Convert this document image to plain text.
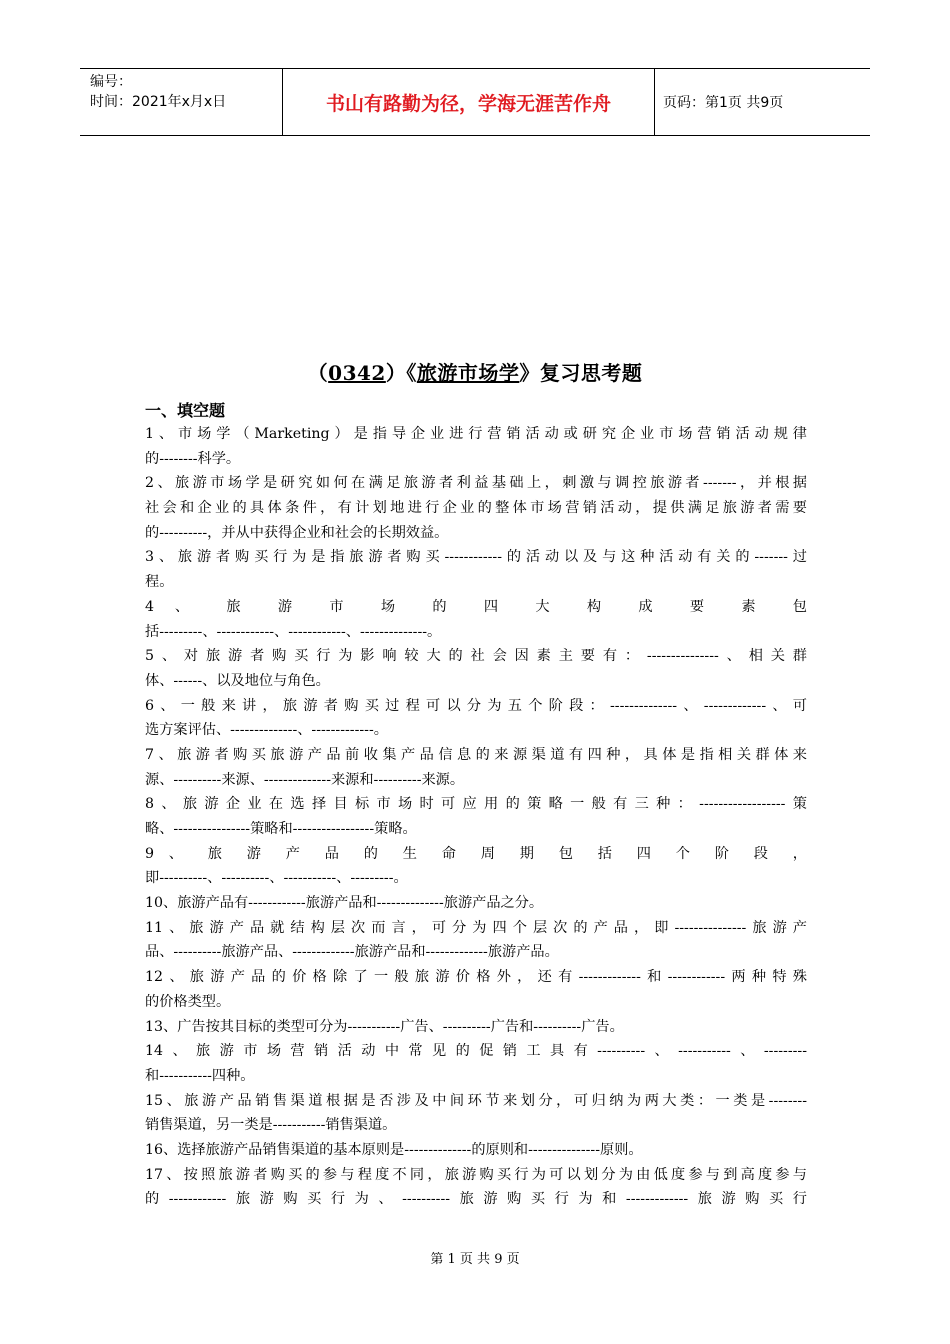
编号：
时间：2021年x月x日	书山有路勤为径，学海无涯苦作舟	页码：第1页 共9页
（0342）《旅游市场学》复习思考题
一、填空题
1、市场学（Marketing）是指导企业进行营销活动或研究企业市场营销活动规律
的--------科学。
2、旅游市场学是研究如何在满足旅游者利益基础上，刺激与调控旅游者-------，并根据
社会和企业的具体条件，有计划地进行企业的整体市场营销活动，提供满足旅游者需要
的----------，并从中获得企业和社会的长期效益。
3、旅游者购买行为是指旅游者购买------------的活动以及与这种活动有关的-------过
程。
4 、 旅 游 市 场 的 四 大 构 成 要 素 包
括---------、------------、------------、--------------。
5、对旅游者购买行为影响较大的社会因素主要有：---------------、相关群
体、------、以及地位与角色。
6、一般来讲，旅游者购买过程可以分为五个阶段：--------------、-------------、可
选方案评估、--------------、-------------。
7、旅游者购买旅游产品前收集产品信息的来源渠道有四种，具体是指相关群体来
源、----------来源、--------------来源和----------来源。
8、旅游企业在选择目标市场时可应用的策略一般有三种：------------------策
略、----------------策略和-----------------策略。
9 、 旅 游 产 品 的 生 命 周 期 包 括 四 个 阶 段 ，
即----------、----------、-----------、---------。
10、旅游产品有------------旅游产品和--------------旅游产品之分。
11、旅游产品就结构层次而言，可分为四个层次的产品，即---------------旅游产
品、----------旅游产品、-------------旅游产品和-------------旅游产品。
12、旅游产品的价格除了一般旅游价格外，还有-------------和------------两种特殊
的价格类型。
13、广告按其目标的类型可分为-----------广告、----------广告和----------广告。
14、旅游市场营销活动中常见的促销工具有----------、-----------、---------
和-----------四种。
15、旅游产品销售渠道根据是否涉及中间环节来划分，可归纳为两大类：一类是--------
销售渠道，另一类是-----------销售渠道。
16、选择旅游产品销售渠道的基本原则是--------------的原则和---------------原则。
17、按照旅游者购买的参与程度不同，旅游购买行为可以划分为由低度参与到高度参与
的------------旅游购买行为、----------旅游购买行为和-------------旅游购买行
第 1 页 共 9 页
